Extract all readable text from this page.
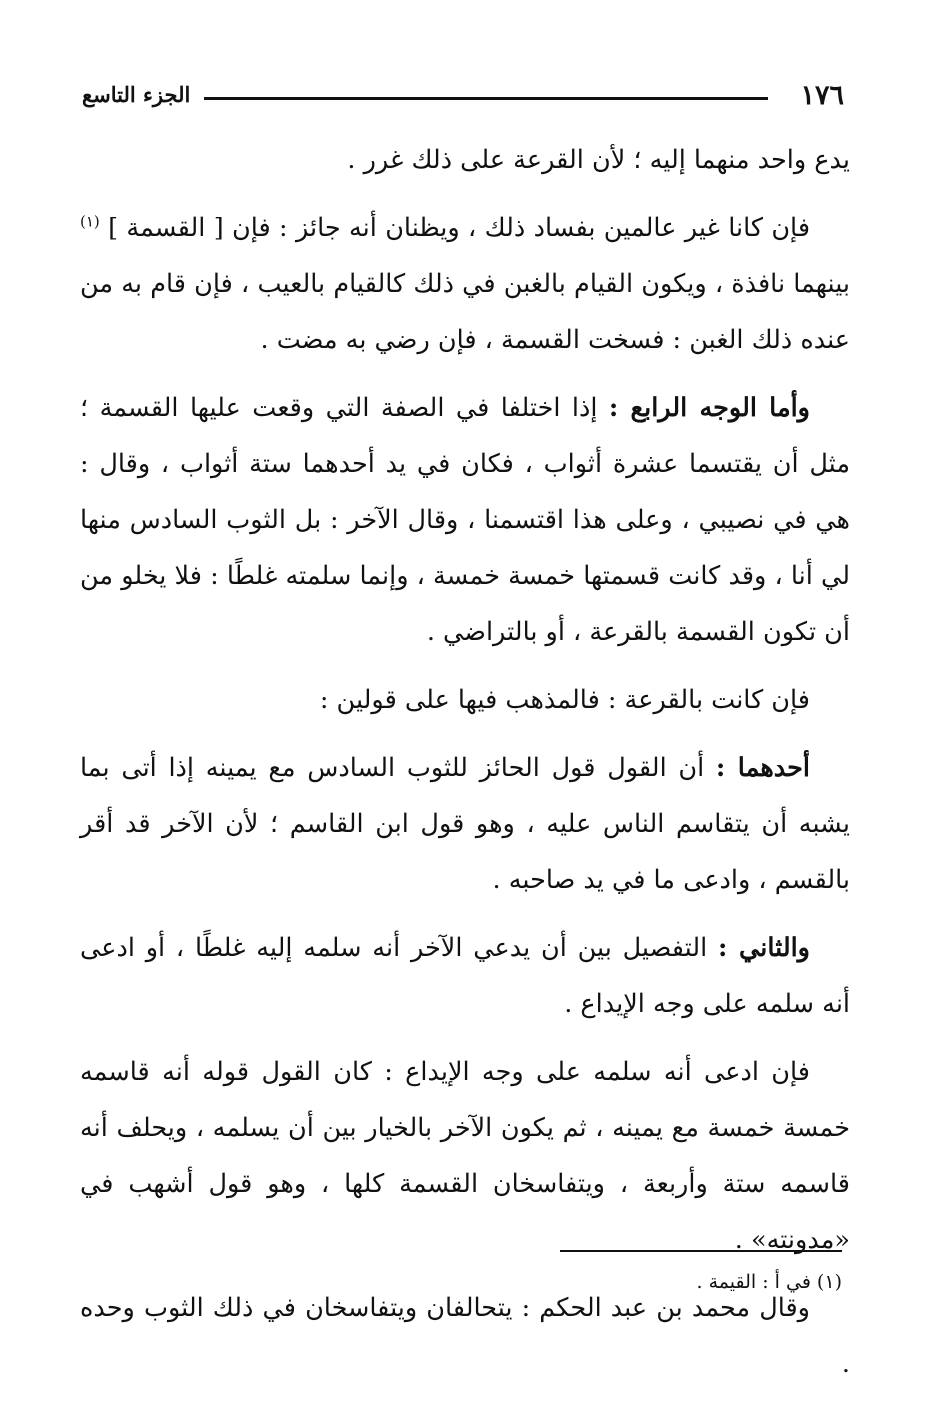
١٧٦
الجزء التاسع

يدع واحد منهما إليه ؛ لأن القرعة على ذلك غرر .

فإن كانا غير عالمين بفساد ذلك ، ويظنان أنه جائز : فإن [ القسمة ] $^{(١)}$ بينهما نافذة ، ويكون القيام بالغبن في ذلك كالقيام بالعيب ، فإن قام به من عنده ذلك الغبن : فسخت القسمة ، فإن رضي به مضت .

وأما الوجه الرابع : إذا اختلفا في الصفة التي وقعت عليها القسمة ؛ مثل أن يقتسما عشرة أثواب ، فكان في يد أحدهما ستة أثواب ، وقال : هي في نصيبي ، وعلى هذا اقتسمنا ، وقال الآخر : بل الثوب السادس منها لي أنا ، وقد كانت قسمتها خمسة خمسة ، وإنما سلمته غلطًا : فلا يخلو من أن تكون القسمة بالقرعة ، أو بالتراضي .

فإن كانت بالقرعة : فالمذهب فيها على قولين :

أحدهما : أن القول قول الحائز للثوب السادس مع يمينه إذا أتى بما يشبه أن يتقاسم الناس عليه ، وهو قول ابن القاسم ؛ لأن الآخر قد أقر بالقسم ، وادعى ما في يد صاحبه .

والثاني : التفصيل بين أن يدعي الآخر أنه سلمه إليه غلطًا ، أو ادعى أنه سلمه على وجه الإيداع .

فإن ادعى أنه سلمه على وجه الإيداع : كان القول قوله أنه قاسمه خمسة خمسة مع يمينه ، ثم يكون الآخر بالخيار بين أن يسلمه ، ويحلف أنه قاسمه ستة وأربعة ، ويتفاسخان القسمة كلها ، وهو قول أشهب في «مدونته» .

وقال محمد بن عبد الحكم : يتحالفان ويتفاسخان في ذلك الثوب وحده .

(١) في أ : القيمة .
